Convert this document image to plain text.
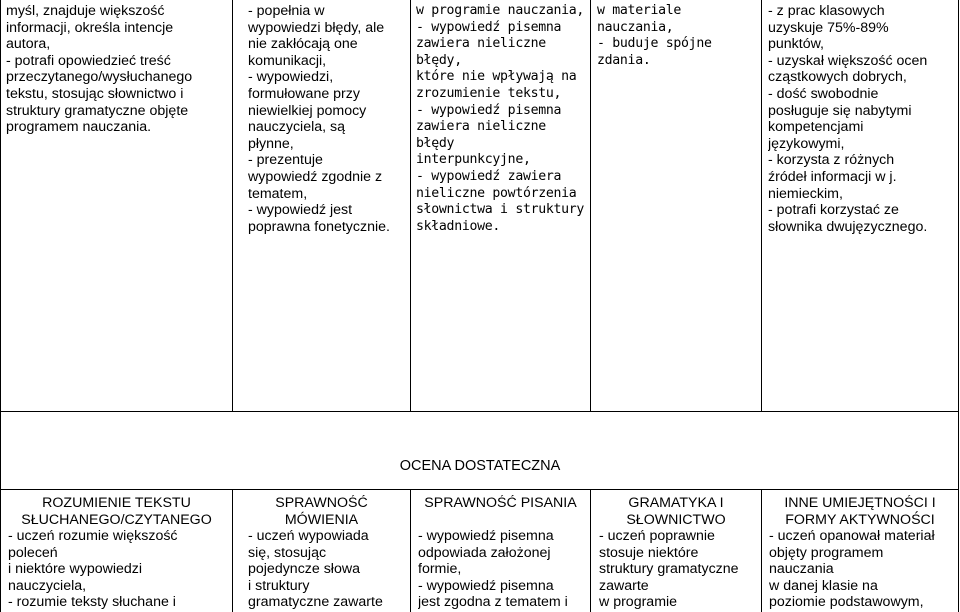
myśl, znajduje większość
informacji, określa intencje
autora,
- potrafi opowiedzieć treść
przeczytanego/wysłuchanego
tekstu, stosując słownictwo i
struktury gramatyczne objęte
programem nauczania.
- popełnia w
wypowiedzi błędy, ale
nie zakłócają one
komunikacji,
- wypowiedzi,
formułowane przy
niewielkiej pomocy
nauczyciela, są
płynne,
- prezentuje
wypowiedź zgodnie z
tematem,
- wypowiedź jest
poprawna fonetycznie.
w programie nauczania,
- wypowiedź pisemna
zawiera nieliczne błędy,
które nie wpływają na
zrozumienie tekstu,
- wypowiedź pisemna
zawiera nieliczne błędy
interpunkcyjne,
- wypowiedź zawiera
nieliczne powtórzenia
słownictwa i struktury
składniowe.
w materiale nauczania,
- buduje spójne
zdania.
- z prac klasowych
uzyskuje 75%-89%
punktów,
- uzyskał większość ocen
cząstkowych dobrych,
- dość swobodnie
posługuje się nabytymi
kompetencjami
językowymi,
- korzysta z różnych
źródeł informacji w j.
niemieckim,
- potrafi korzystać ze
słownika dwujęzycznego.
OCENA DOSTATECZNA
ROZUMIENIE TEKSTU
SŁUCHANEGO/CZYTANEGO
SPRAWNOŚĆ
MÓWIENIA
SPRAWNOŚĆ PISANIA	GRAMATYKA I
SŁOWNICTWO
INNE UMIEJĘTNOŚCI I
FORMY AKTYWNOŚCI
- uczeń rozumie większość
poleceń
i niektóre wypowiedzi
nauczyciela,
- rozumie teksty słuchane i
- uczeń wypowiada
się, stosując
pojedyncze słowa
i struktury
gramatyczne zawarte
- wypowiedź pisemna
odpowiada założonej
formie,
- wypowiedź pisemna
jest zgodna z tematem i
- uczeń poprawnie
stosuje niektóre
struktury gramatyczne
zawarte
w programie
- uczeń opanował materiał
objęty programem
nauczania
w danej klasie na
poziomie podstawowym,
